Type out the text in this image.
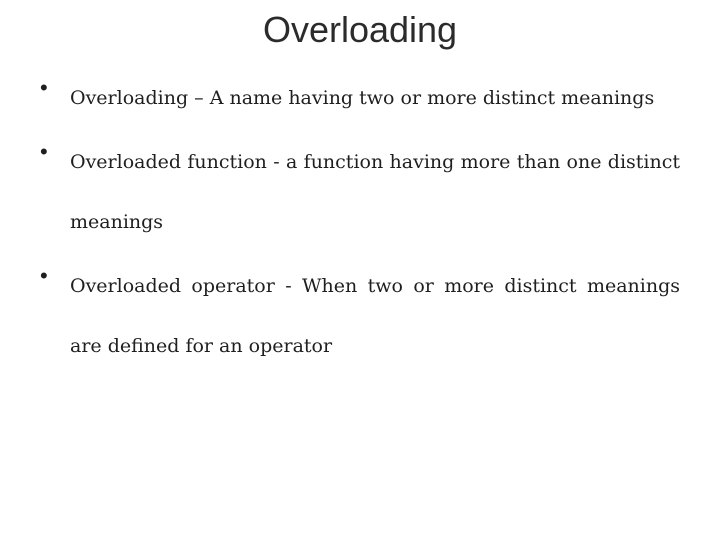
Overloading
• Overloading – A name having two or more distinct meanings
• Overloaded function - a function having more than one distinct meanings
• Overloaded operator - When two or more distinct meanings are defined for an operator
